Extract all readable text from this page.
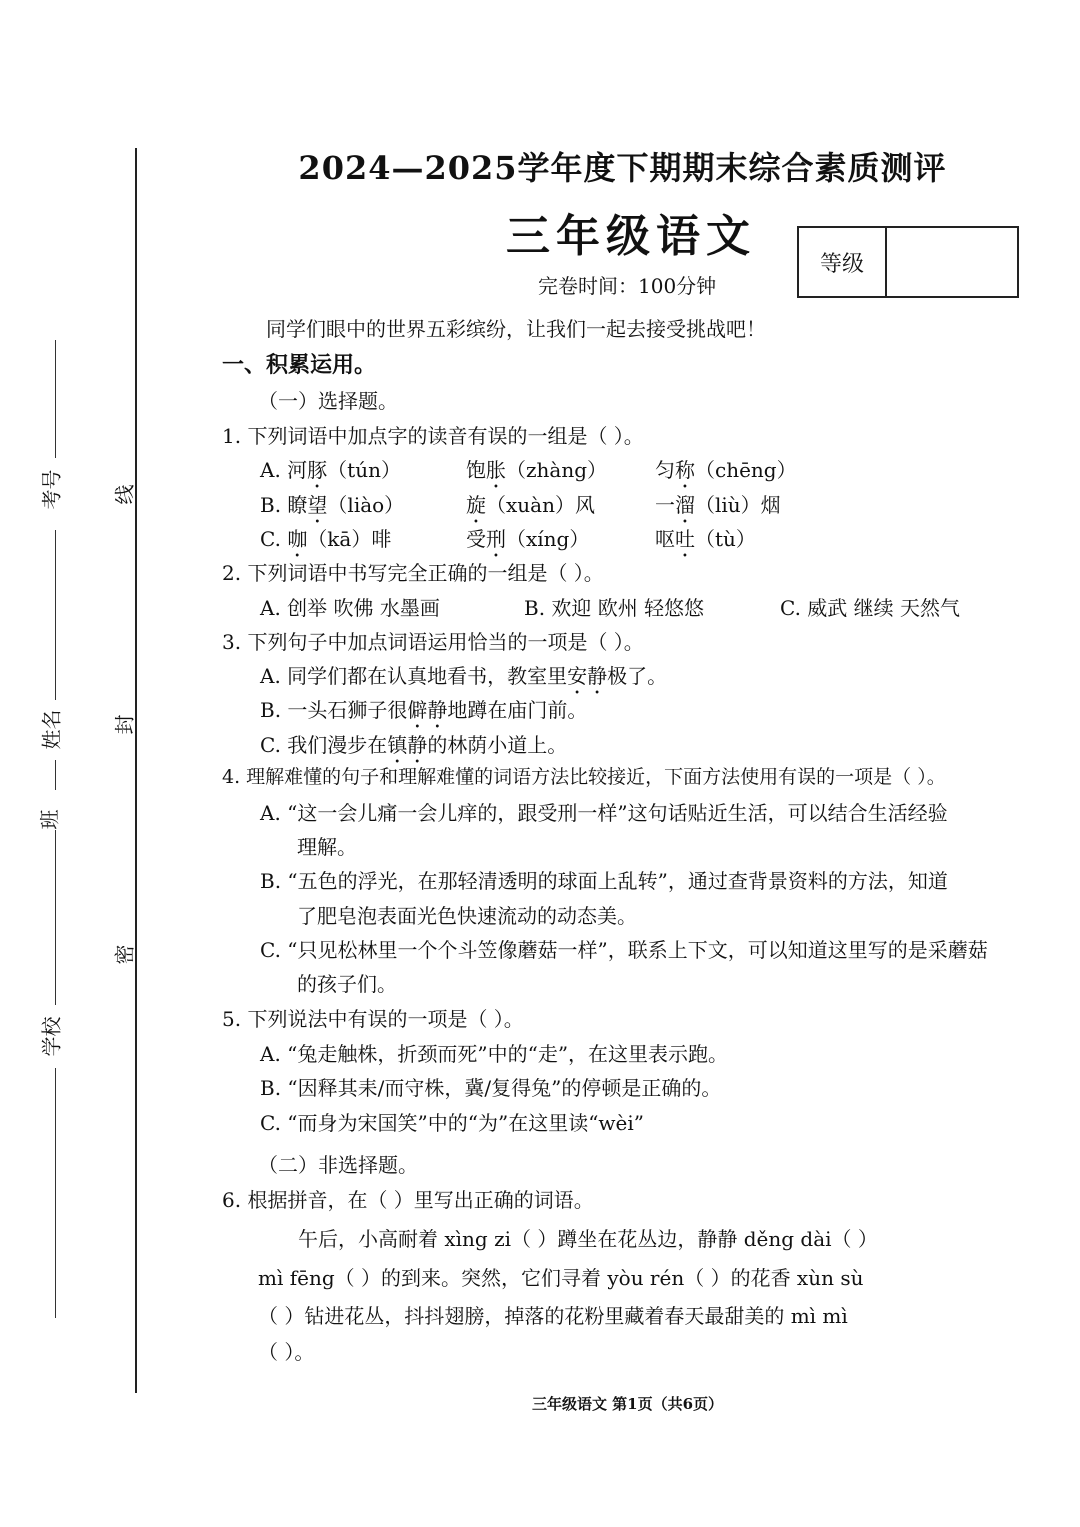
考号
姓名
班
学校
线
封
密
2024—2025学年度下期期末综合素质测评
三年级语文
完卷时间：100分钟
等级
同学们眼中的世界五彩缤纷，让我们一起去接受挑战吧！
一、积累运用。
（一）选择题。
1. 下列词语中加点字的读音有误的一组是（ ）。
A. 河豚（tún）	饱胀（zhàng） 匀称（chēng）
B. 瞭望（liào）	旋（xuàn）风	一溜（liù）烟
C. 咖（kā）啡	受刑（xíng）	呕吐（tù）
2. 下列词语中书写完全正确的一组是（ ）。
A. 创举 吹佛 水墨画	B. 欢迎 欧州 轻悠悠	C. 威武 继续 天然气
3. 下列句子中加点词语运用恰当的一项是（ ）。
A. 同学们都在认真地看书，教室里安静极了。
B. 一头石狮子很僻静地蹲在庙门前。
C. 我们漫步在镇静的林荫小道上。
4. 理解难懂的句子和理解难懂的词语方法比较接近，下面方法使用有误的一项是（ ）。
A. “这一会儿痛一会儿痒的，跟受刑一样”这句话贴近生活，可以结合生活经验
理解。
B. “五色的浮光，在那轻清透明的球面上乱转”，通过查背景资料的方法，知道
了肥皂泡表面光色快速流动的动态美。
C. “只见松林里一个个斗笠像蘑菇一样”，联系上下文，可以知道这里写的是采蘑菇
的孩子们。
5. 下列说法中有误的一项是（ ）。
A. “兔走触株，折颈而死”中的“走”，在这里表示跑。
B. “因释其耒/而守株，冀/复得兔”的停顿是正确的。
C. “而身为宋国笑”中的“为”在这里读“wèi”
（二）非选择题。
6. 根据拼音，在（ ）里写出正确的词语。
午后，小高耐着 xìng zi（ ）蹲坐在花丛边，静静 děng dài（ ）
mì fēng（ ）的到来。突然，它们寻着 yòu rén（ ）的花香 xùn sù
（ ）钻进花丛，抖抖翅膀，掉落的花粉里藏着春天最甜美的 mì mì
（ ）。
三年级语文 第1页（共6页）
